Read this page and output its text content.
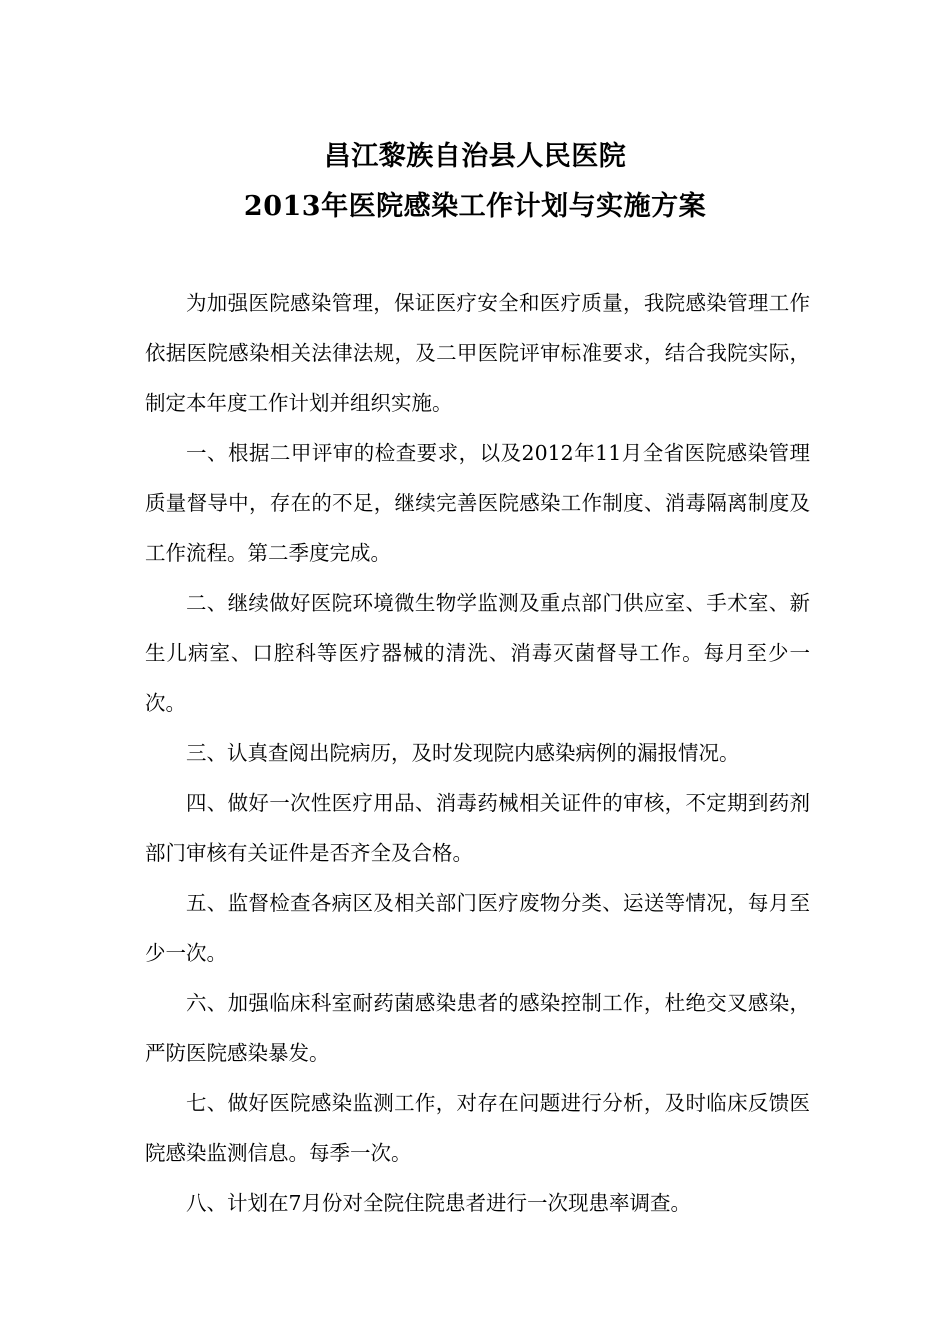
昌江黎族自治县人民医院
2013年医院感染工作计划与实施方案

为加强医院感染管理，保证医疗安全和医疗质量，我院感染管理工作依据医院感染相关法律法规，及二甲医院评审标准要求，结合我院实际，制定本年度工作计划并组织实施。

一、根据二甲评审的检查要求，以及2012年11月全省医院感染管理质量督导中，存在的不足，继续完善医院感染工作制度、消毒隔离制度及工作流程。第二季度完成。

二、继续做好医院环境微生物学监测及重点部门供应室、手术室、新生儿病室、口腔科等医疗器械的清洗、消毒灭菌督导工作。每月至少一次。

三、认真查阅出院病历，及时发现院内感染病例的漏报情况。

四、做好一次性医疗用品、消毒药械相关证件的审核，不定期到药剂部门审核有关证件是否齐全及合格。

五、监督检查各病区及相关部门医疗废物分类、运送等情况，每月至少一次。

六、加强临床科室耐药菌感染患者的感染控制工作，杜绝交叉感染，严防医院感染暴发。

七、做好医院感染监测工作，对存在问题进行分析，及时临床反馈医院感染监测信息。每季一次。

八、计划在7月份对全院住院患者进行一次现患率调查。
